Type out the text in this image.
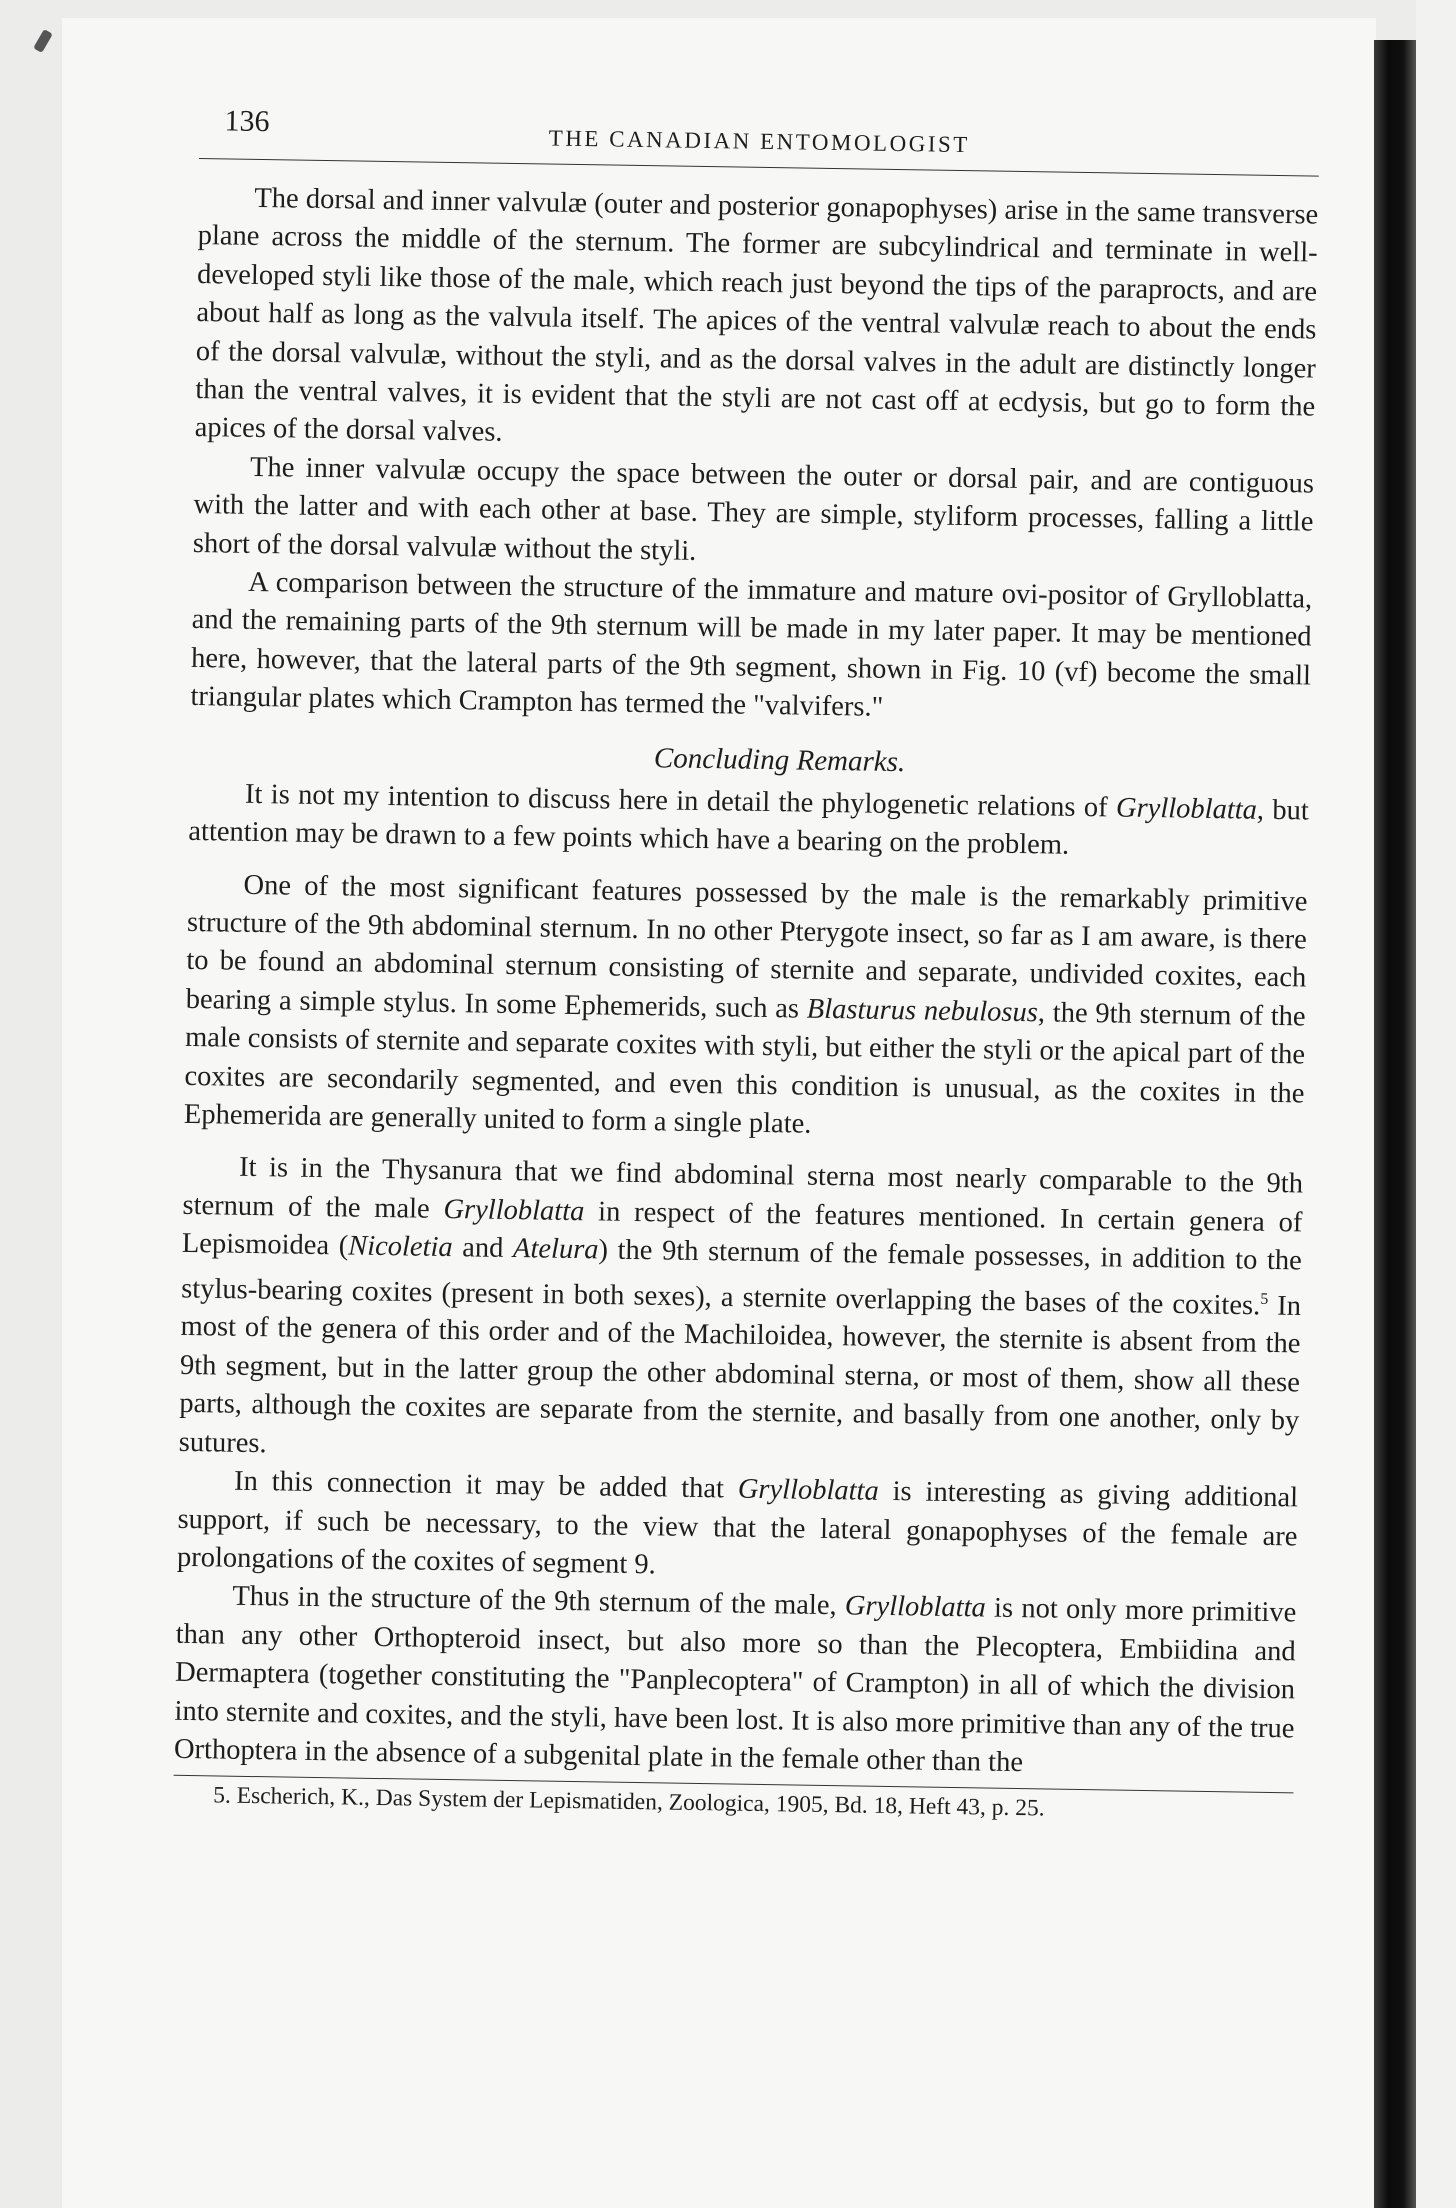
136
THE CANADIAN ENTOMOLOGIST

The dorsal and inner valvulæ (outer and posterior gonapophyses) arise in the same transverse plane across the middle of the sternum. The former are subcylindrical and terminate in well-developed styli like those of the male, which reach just beyond the tips of the paraprocts, and are about half as long as the valvula itself. The apices of the ventral valvulæ reach to about the ends of the dorsal valvulæ, without the styli, and as the dorsal valves in the adult are distinctly longer than the ventral valves, it is evident that the styli are not cast off at ecdysis, but go to form the apices of the dorsal valves.

The inner valvulæ occupy the space between the outer or dorsal pair, and are contiguous with the latter and with each other at base. They are simple, styliform processes, falling a little short of the dorsal valvulæ without the styli.

A comparison between the structure of the immature and mature ovi-positor of Grylloblatta, and the remaining parts of the 9th sternum will be made in my later paper. It may be mentioned here, however, that the lateral parts of the 9th segment, shown in Fig. 10 (vf) become the small triangular plates which Crampton has termed the "valvifers."

Concluding Remarks.

It is not my intention to discuss here in detail the phylogenetic relations of Grylloblatta, but attention may be drawn to a few points which have a bearing on the problem.

One of the most significant features possessed by the male is the remarkably primitive structure of the 9th abdominal sternum. In no other Pterygote insect, so far as I am aware, is there to be found an abdominal sternum consisting of sternite and separate, undivided coxites, each bearing a simple stylus. In some Ephemerids, such as Blasturus nebulosus, the 9th sternum of the male consists of sternite and separate coxites with styli, but either the styli or the apical part of the coxites are secondarily segmented, and even this condition is unusual, as the coxites in the Ephemerida are generally united to form a single plate.

It is in the Thysanura that we find abdominal sterna most nearly comparable to the 9th sternum of the male Grylloblatta in respect of the features mentioned. In certain genera of Lepismoidea (Nicoletia and Atelura) the 9th sternum of the female possesses, in addition to the stylus-bearing coxites (present in both sexes), a sternite overlapping the bases of the coxites.$^5$ In most of the genera of this order and of the Machiloidea, however, the sternite is absent from the 9th segment, but in the latter group the other abdominal sterna, or most of them, show all these parts, although the coxites are separate from the sternite, and basally from one another, only by sutures.

In this connection it may be added that Grylloblatta is interesting as giving additional support, if such be necessary, to the view that the lateral gonapophyses of the female are prolongations of the coxites of segment 9.

Thus in the structure of the 9th sternum of the male, Grylloblatta is not only more primitive than any other Orthopteroid insect, but also more so than the Plecoptera, Embiidina and Dermaptera (together constituting the "Panplecoptera" of Crampton) in all of which the division into sternite and coxites, and the styli, have been lost. It is also more primitive than any of the true Orthoptera in the absence of a subgenital plate in the female other than the

5. Escherich, K., Das System der Lepismatiden, Zoologica, 1905, Bd. 18, Heft 43, p. 25.
